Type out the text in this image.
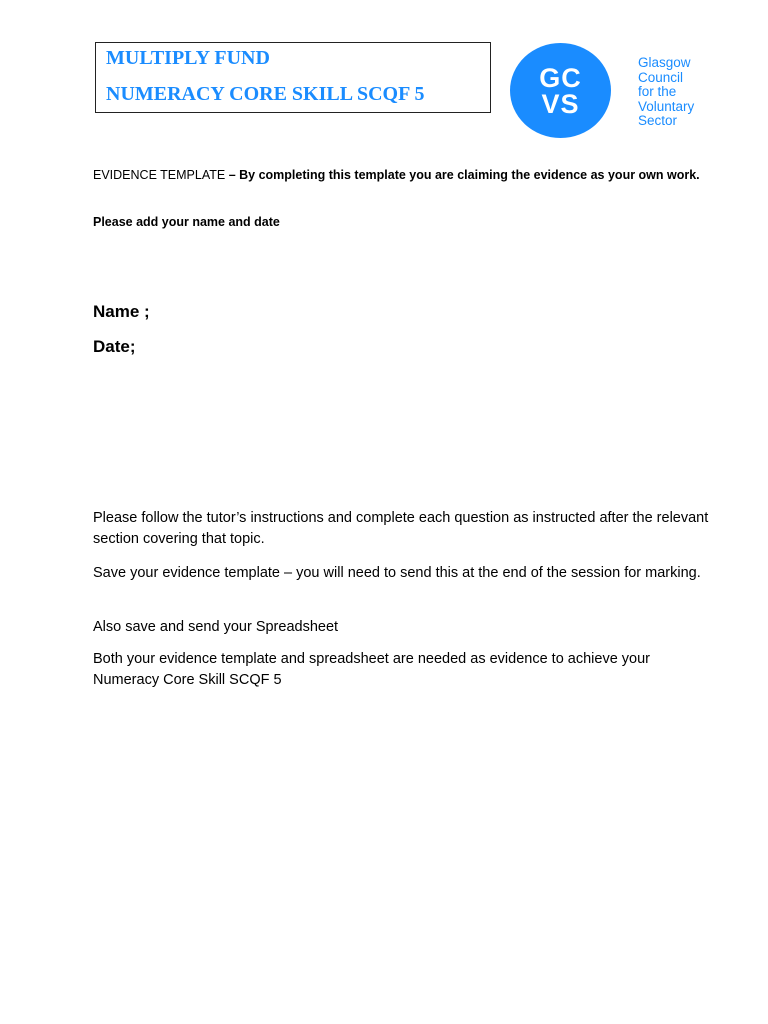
MULTIPLY FUND
NUMERACY CORE SKILL SCQF 5
GC
VS
Glasgow
Council
for the
Voluntary
Sector
EVIDENCE TEMPLATE – By completing this template you are claiming the evidence as your own work.
Please add your name and date
Name ;
Date;
Please follow the tutor’s instructions and complete each question as instructed after the relevant section covering that topic.
Save your evidence template – you will need to send this at the end of the session for marking.
Also save and send your Spreadsheet
Both your evidence template and spreadsheet are needed as evidence to achieve your Numeracy Core Skill SCQF 5
